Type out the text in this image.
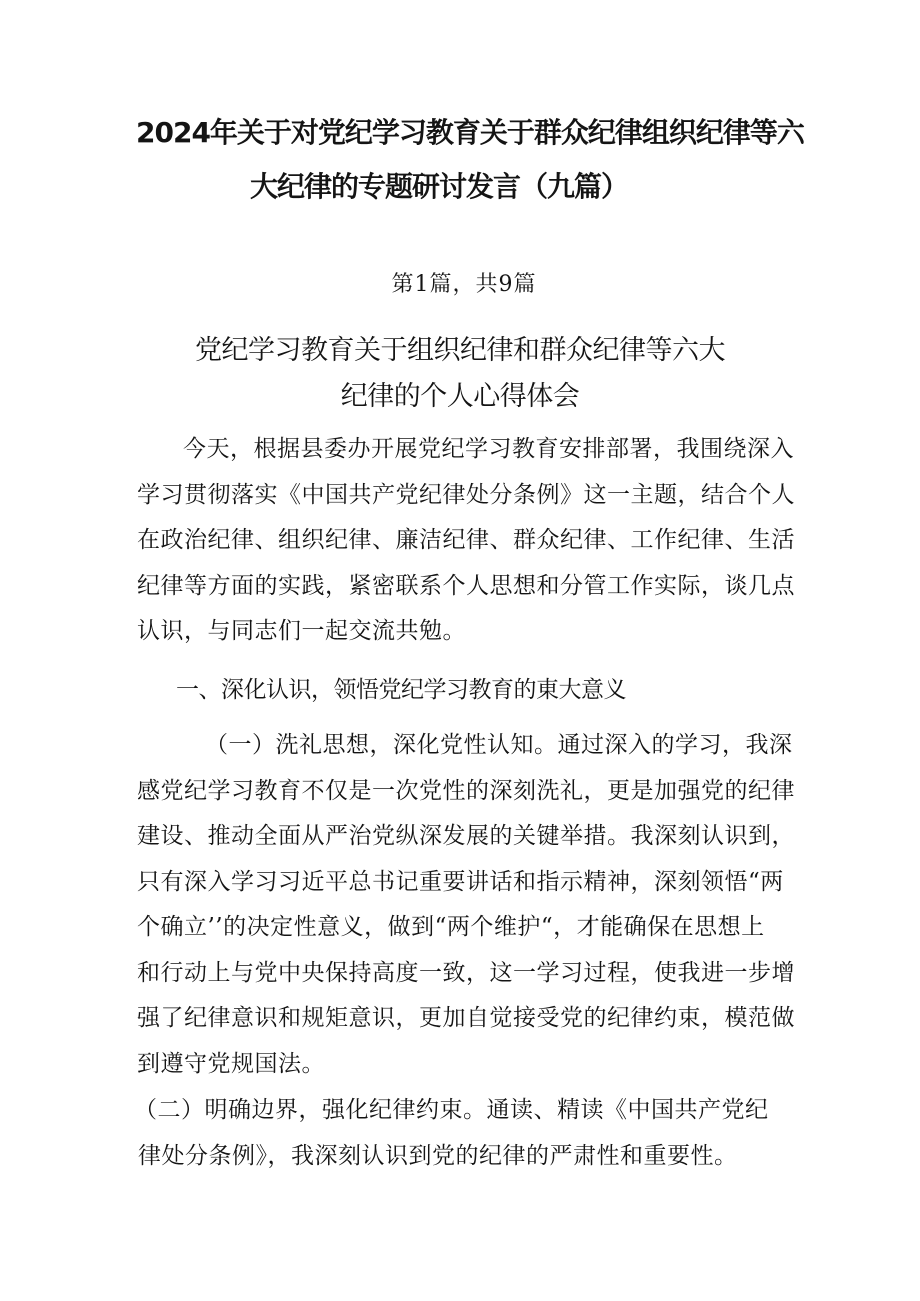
2024年关于对党纪学习教育关于群众纪律组织纪律等六
大纪律的专题研讨发言（九篇）
第1篇，共9篇
党纪学习教育关于组织纪律和群众纪律等六大
纪律的个人心得体会

今天，根据县委办开展党纪学习教育安排部署，我围绕深入
学习贯彻落实《中国共产党纪律处分条例》这一主题，结合个人
在政治纪律、组织纪律、廉洁纪律、群众纪律、工作纪律、生活
纪律等方面的实践，紧密联系个人思想和分管工作实际，谈几点
认识，与同志们一起交流共勉。

一、深化认识，领悟党纪学习教育的東大意义

（一）洗礼思想，深化党性认知。通过深入的学习，我深
感党纪学习教育不仅是一次党性的深刻洗礼，更是加强党的纪律
建设、推动全面从严治党纵深发展的关键举措。我深刻认识到，
只有深入学习习近平总书记重要讲话和指示精神，深刻领悟“两
个确立’’的决定性意义，做到“两个维护“，才能确保在思想上
和行动上与党中央保持高度一致，这一学习过程，使我进一步增
强了纪律意识和规矩意识，更加自觉接受党的纪律约束，模范做
到遵守党规国法。

（二）明确边界，强化纪律约束。通读、精读《中国共产党纪
律处分条例》，我深刻认识到党的纪律的严肃性和重要性。
